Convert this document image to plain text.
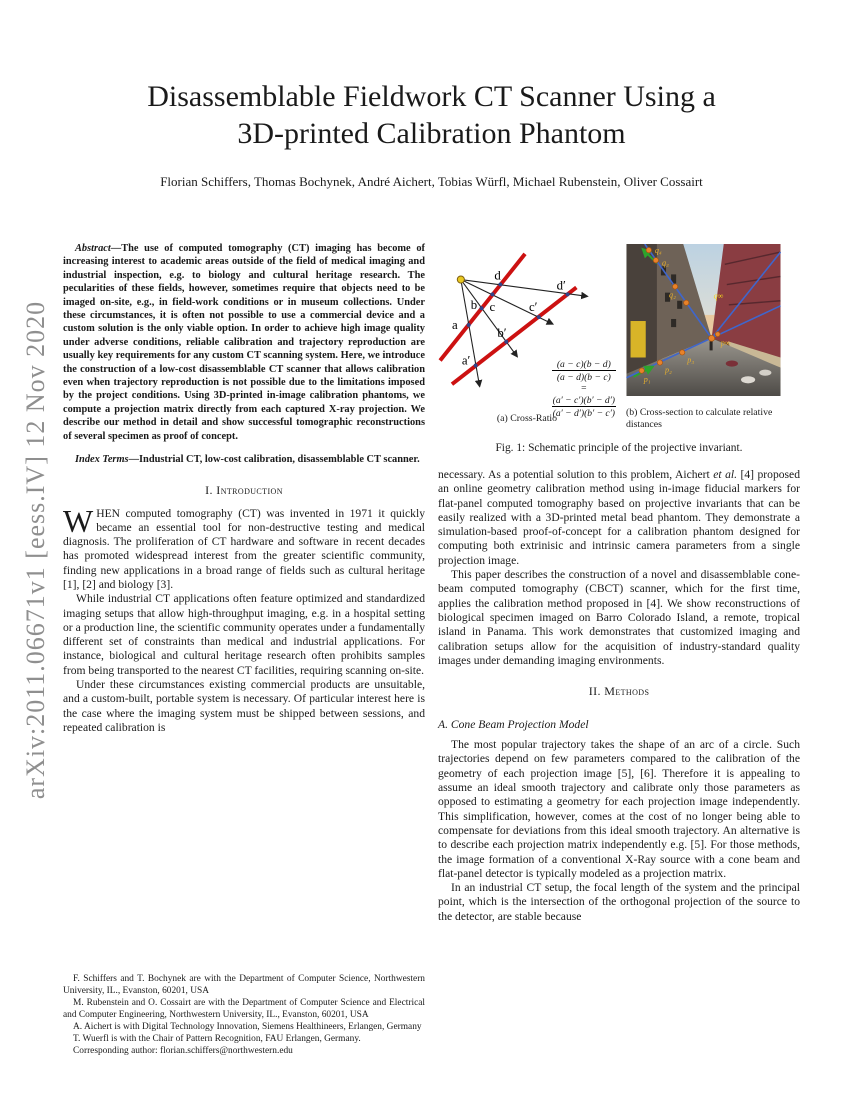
arXiv:2011.06671v1 [eess.IV] 12 Nov 2020
Disassemblable Fieldwork CT Scanner Using a
3D-printed Calibration Phantom
Florian Schiffers, Thomas Bochynek, André Aichert, Tobias Würfl, Michael Rubenstein, Oliver Cossairt

Abstract—The use of computed tomography (CT) imaging has become of increasing interest to academic areas outside of the field of medical imaging and industrial inspection, e.g. to biology and cultural heritage research. The pecularities of these fields, however, sometimes require that objects need to be imaged on-site, e.g., in field-work conditions or in museum collections. Under these circumstances, it is often not possible to use a commercial device and a custom solution is the only viable option. In order to achieve high image quality under adverse conditions, reliable calibration and trajectory reproduction are usually key requirements for any custom CT scanning system. Here, we introduce the construction of a low-cost disassemblable CT scanner that allows calibration even when trajectory reproduction is not possible due to the limitations imposed by the project conditions. Using 3D-printed in-image calibration phantoms, we compute a projection matrix directly from each captured X-ray projection. We describe our method in detail and show successful tomographic reconstructions of several specimen as proof of concept.

Index Terms—Industrial CT, low-cost calibration, disassemblable CT scanner.

I. Introduction

WHEN computed tomography (CT) was invented in 1971 it quickly became an essential tool for non-destructive testing and medical diagnosis. The proliferation of CT hardware and software in recent decades has promoted widespread interest from the greater scientific community, finding new applications in a broad range of fields such as cultural heritage [1], [2] and biology [3].

While industrial CT applications often feature optimized and standardized imaging setups that allow high-throughput imaging, e.g. in a hospital setting or a production line, the scientific community operates under a fundamentally different set of constraints than medical and industrial applications. For instance, biological and cultural heritage research often prohibits samples from being transported to the nearest CT facilities, requiring scanning on-site.

Under these circumstances existing commercial products are unsuitable, and a custom-built, portable system is necessary. Of particular interest here is the case where the imaging system must be shipped between sessions, and repeated calibration is

F. Schiffers and T. Bochynek are with the Department of Computer Science, Northwestern University, IL., Evanston, 60201, USA

M. Rubenstein and O. Cossairt are with the Department of Computer Science and Electrical and Computer Engineering, Northwestern University, IL., Evanston, 60201, USA

A. Aichert is with Digital Technology Innovation, Siemens Healthineers, Erlangen, Germany

T. Wuerfl is with the Chair of Pattern Recognition, FAU Erlangen, Germany.

Corresponding author: florian.schiffers@northwestern.edu

a
b c
d
a′
b′
c′
d′
(a − c)(b − d)
(a − d)(b − c)
=
(a′ − c′)(b′ − d′)
(a′ − d′)(b′ − c′)
(a) Cross-Ratio
q₄
q₃
q₂	q∞
p∞
p₃
p₂
p₁
(b) Cross-section to calculate relative distances
Fig. 1: Schematic principle of the projective invariant.

necessary. As a potential solution to this problem, Aichert et al. [4] proposed an online geometry calibration method using in-image fiducial markers for flat-panel computed tomography based on projective invariants that can be easily realized with a 3D-printed metal bead phantom. They demonstrate a simulation-based proof-of-concept for a calibration phantom designed for computing both extrinisic and intrinsic camera parameters from a single projection image.

This paper describes the construction of a novel and disassemblable cone-beam computed tomography (CBCT) scanner, which for the first time, applies the calibration method proposed in [4]. We show reconstructions of biological specimen imaged on Barro Colorado Island, a remote, tropical island in Panama. This work demonstrates that customized imaging and calibration setups allow for the acquisition of industry-standard quality images under demanding imaging environments.

II. Methods
A. Cone Beam Projection Model

The most popular trajectory takes the shape of an arc of a circle. Such trajectories depend on few parameters compared to the calibration of the geometry of each projection image [5], [6]. Therefore it is appealing to assume an ideal smooth trajectory and calibrate only those parameters as opposed to estimating a geometry for each projection image independently. This simplification, however, comes at the cost of no longer being able to compensate for deviations from this ideal smooth trajectory. An alternative is to describe each projection matrix independently e.g. [5]. For those methods, the image formation of a conventional X-Ray source with a cone beam and flat-panel detector is typically modeled as a projection matrix.

In an industrial CT setup, the focal length of the system and the principal point, which is the intersection of the orthogonal projection of the source to the detector, are stable because
